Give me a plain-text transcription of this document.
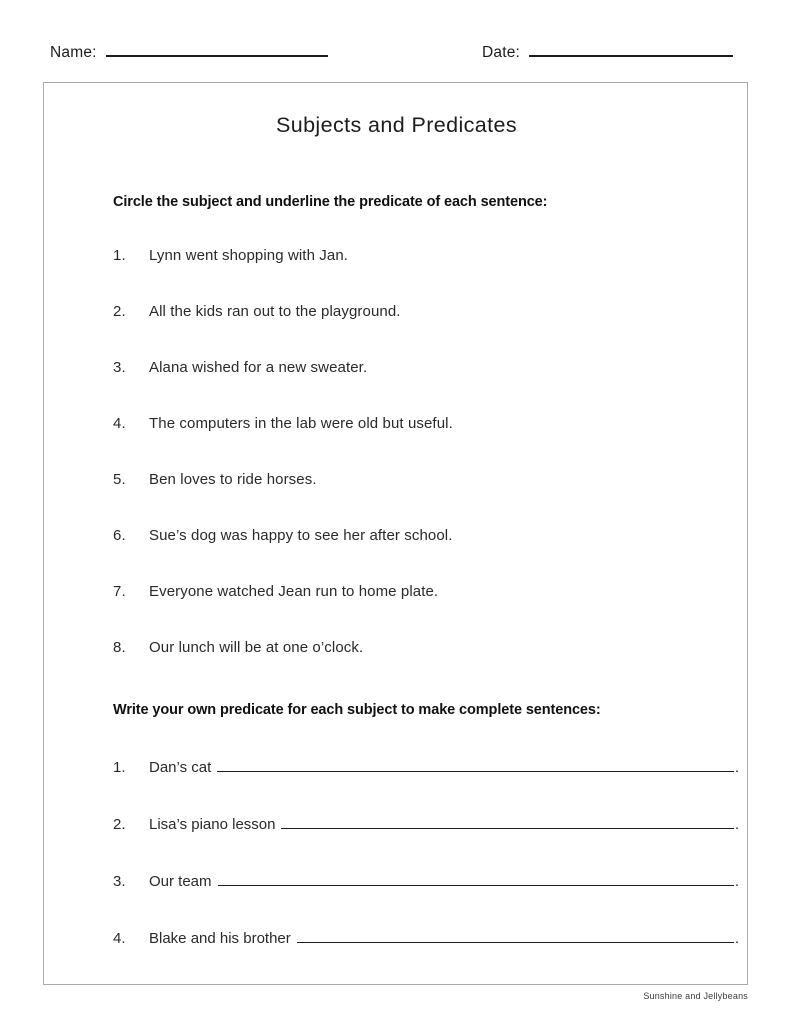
Name:	Date:
Subjects and Predicates
Circle the subject and underline the predicate of each sentence:
1.	Lynn went shopping with Jan.
2.	All the kids ran out to the playground.
3.	Alana wished for a new sweater.
4.	The computers in the lab were old but useful.
5.	Ben loves to ride horses.
6.	Sue’s dog was happy to see her after school.
7.	Everyone watched Jean run to home plate.
8.	Our lunch will be at one o’clock.
Write your own predicate for each subject to make complete sentences:
1.	Dan’s cat	.
2.	Lisa’s piano lesson	.
3.	Our team	.
4.	Blake and his brother	.
Sunshine and Jellybeans
